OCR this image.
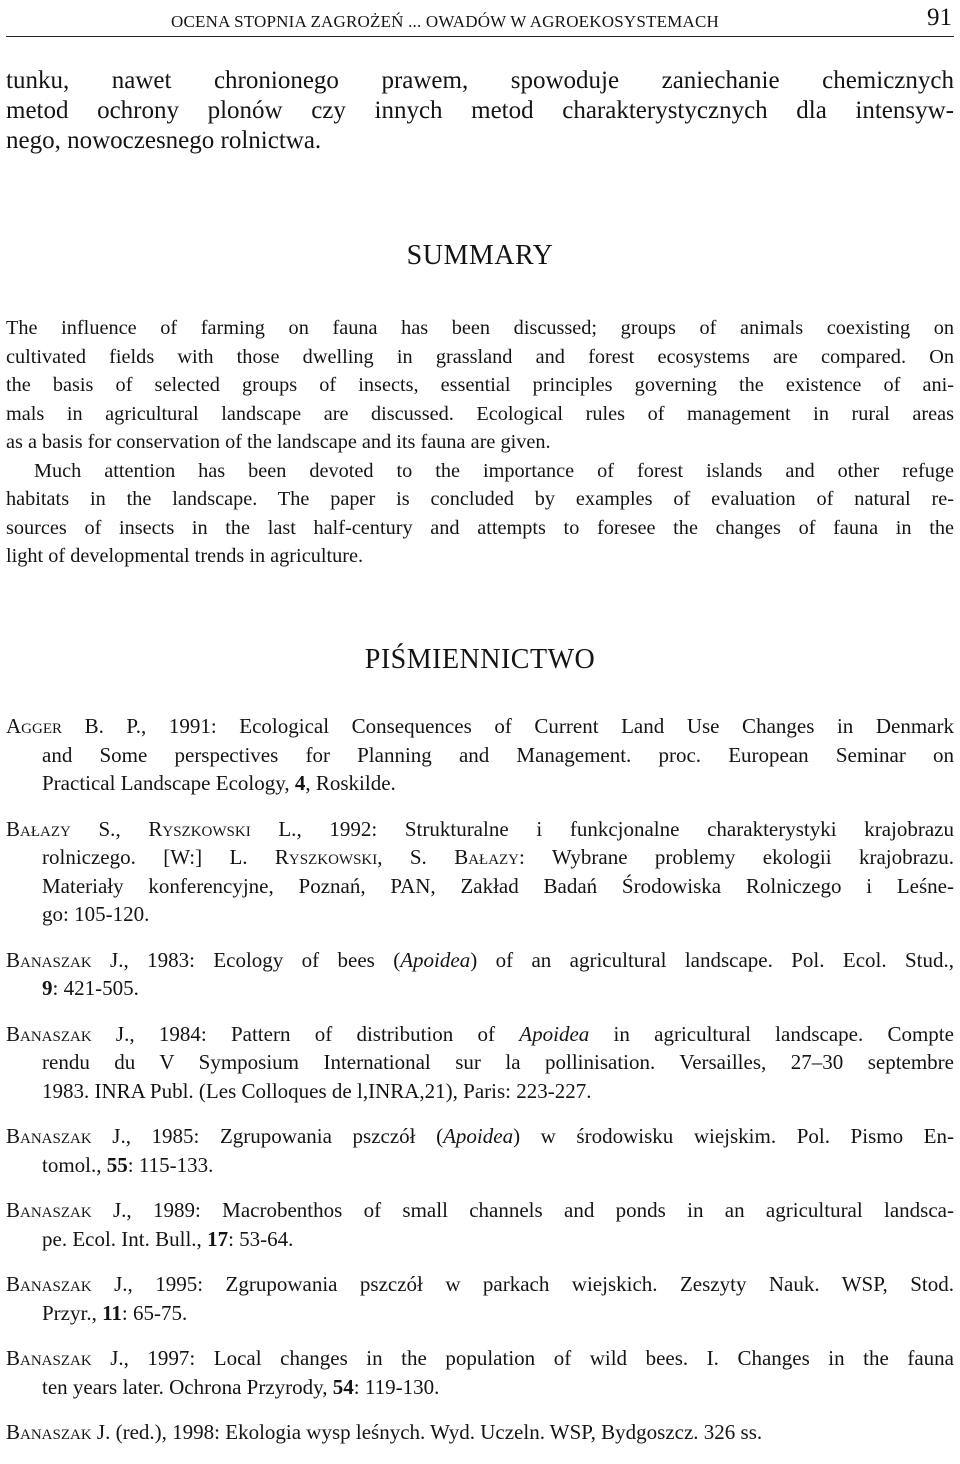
OCENA STOPNIA ZAGROŻEŃ ... OWADÓW W AGROEKOSYSTEMACH	91
tunku, nawet chronionego prawem, spowoduje zaniechanie chemicznych
metod ochrony plonów czy innych metod charakterystycznych dla intensyw-
nego, nowoczesnego rolnictwa.
SUMMARY
The influence of farming on fauna has been discussed; groups of animals coexisting on
cultivated fields with those dwelling in grassland and forest ecosystems are compared. On
the basis of selected groups of insects, essential principles governing the existence of ani-
mals in agricultural landscape are discussed. Ecological rules of management in rural areas
as a basis for conservation of the landscape and its fauna are given.
Much attention has been devoted to the importance of forest islands and other refuge
habitats in the landscape. The paper is concluded by examples of evaluation of natural re-
sources of insects in the last half-century and attempts to foresee the changes of fauna in the
light of developmental trends in agriculture.
PIŚMIENNICTWO
Agger B. P., 1991: Ecological Consequences of Current Land Use Changes in Denmark
and Some perspectives for Planning and Management. proc. European Seminar on
Practical Landscape Ecology, 4, Roskilde.
Bałazy S., Ryszkowski L., 1992: Strukturalne i funkcjonalne charakterystyki krajobrazu
rolniczego. [W:] L. Ryszkowski, S. Bałazy: Wybrane problemy ekologii krajobrazu.
Materiały konferencyjne, Poznań, PAN, Zakład Badań Środowiska Rolniczego i Leśne-
go: 105-120.
Banaszak J., 1983: Ecology of bees (Apoidea) of an agricultural landscape. Pol. Ecol. Stud.,
9: 421-505.
Banaszak J., 1984: Pattern of distribution of Apoidea in agricultural landscape. Compte
rendu du V Symposium International sur la pollinisation. Versailles, 27–30 septembre
1983. INRA Publ. (Les Colloques de l,INRA,21), Paris: 223-227.
Banaszak J., 1985: Zgrupowania pszczół (Apoidea) w środowisku wiejskim. Pol. Pismo En-
tomol., 55: 115-133.
Banaszak J., 1989: Macrobenthos of small channels and ponds in an agricultural landsca-
pe. Ecol. Int. Bull., 17: 53-64.
Banaszak J., 1995: Zgrupowania pszczół w parkach wiejskich. Zeszyty Nauk. WSP, Stod.
Przyr., 11: 65-75.
Banaszak J., 1997: Local changes in the population of wild bees. I. Changes in the fauna
ten years later. Ochrona Przyrody, 54: 119-130.
Banaszak J. (red.), 1998: Ekologia wysp leśnych. Wyd. Uczeln. WSP, Bydgoszcz. 326 ss.
